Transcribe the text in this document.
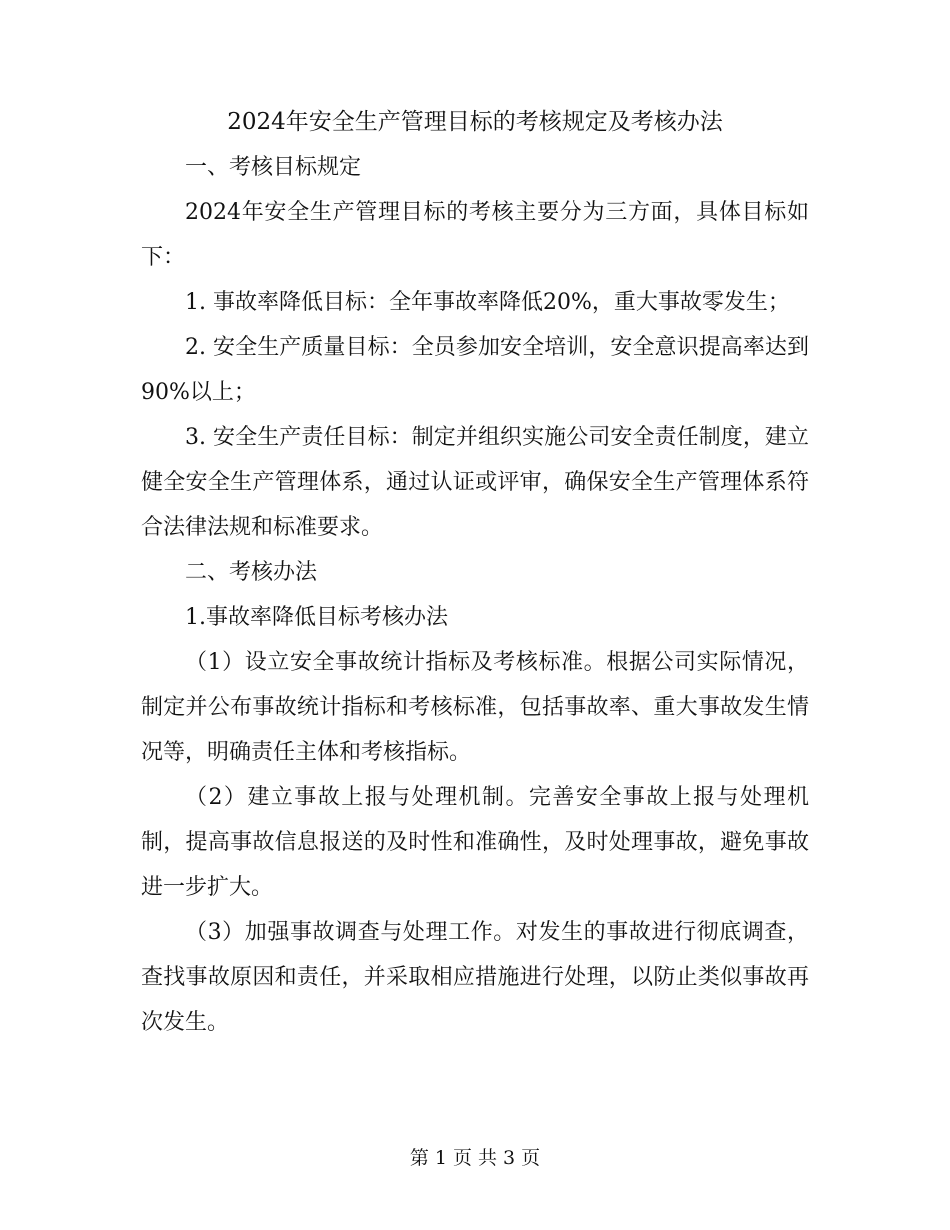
2024年安全生产管理目标的考核规定及考核办法

一、考核目标规定

2024年安全生产管理目标的考核主要分为三方面，具体目标如下：

1. 事故率降低目标：全年事故率降低20%，重大事故零发生；

2. 安全生产质量目标：全员参加安全培训，安全意识提高率达到90%以上；

3. 安全生产责任目标：制定并组织实施公司安全责任制度，建立健全安全生产管理体系，通过认证或评审，确保安全生产管理体系符合法律法规和标准要求。

二、考核办法

1.事故率降低目标考核办法

（1）设立安全事故统计指标及考核标准。根据公司实际情况，制定并公布事故统计指标和考核标准，包括事故率、重大事故发生情况等，明确责任主体和考核指标。

（2）建立事故上报与处理机制。完善安全事故上报与处理机制，提高事故信息报送的及时性和准确性，及时处理事故，避免事故进一步扩大。

（3）加强事故调查与处理工作。对发生的事故进行彻底调查，查找事故原因和责任，并采取相应措施进行处理，以防止类似事故再次发生。

第 1 页 共 3 页
